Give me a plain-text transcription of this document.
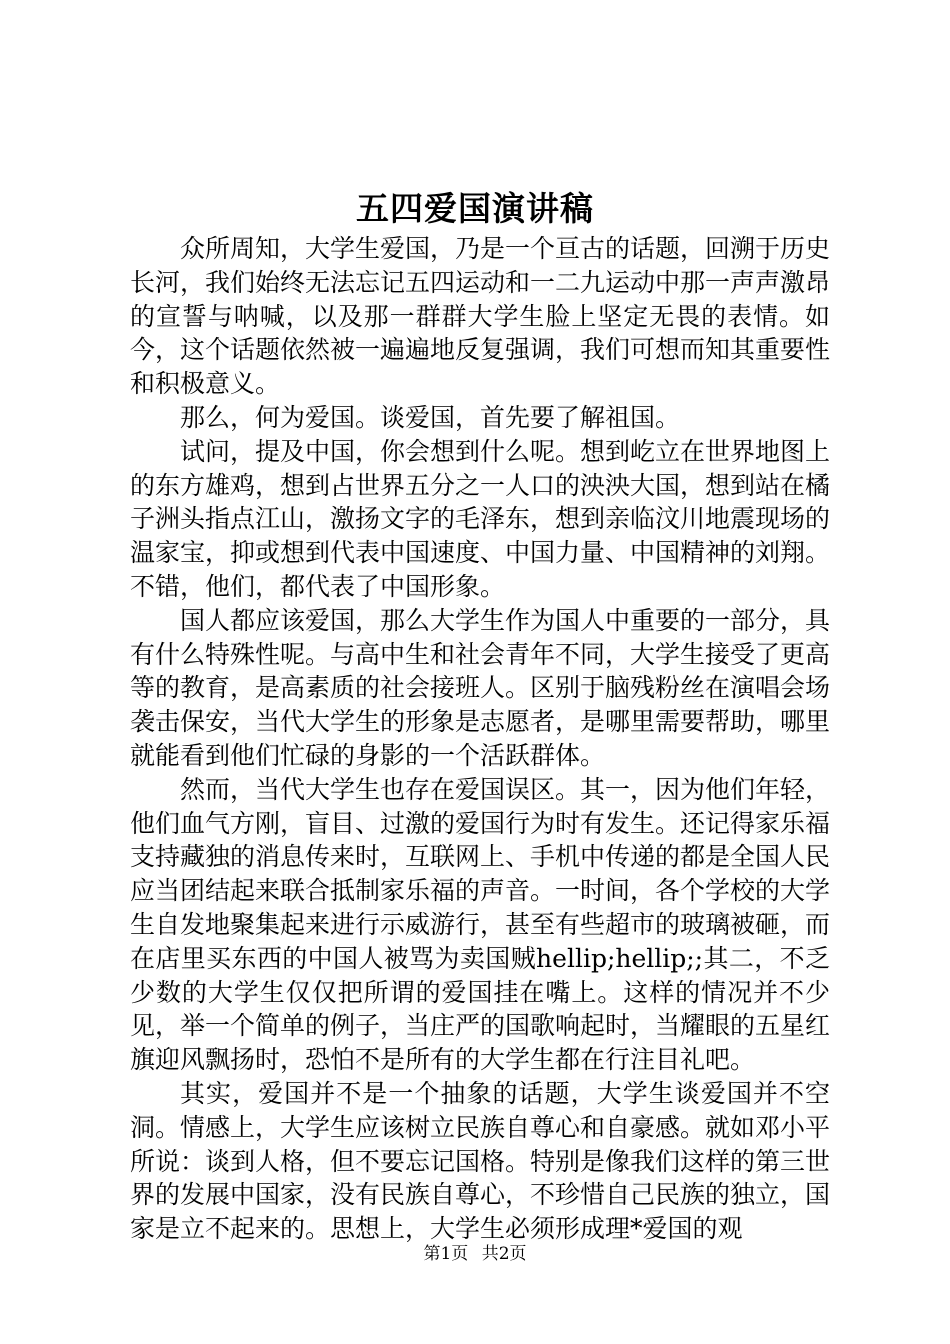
五四爱国演讲稿

众所周知，大学生爱国，乃是一个亘古的话题，回溯于历史长河，我们始终无法忘记五四运动和一二九运动中那一声声激昂的宣誓与呐喊，以及那一群群大学生脸上坚定无畏的表情。如今，这个话题依然被一遍遍地反复强调，我们可想而知其重要性和积极意义。

那么，何为爱国。谈爱国，首先要了解祖国。

试问，提及中国，你会想到什么呢。想到屹立在世界地图上的东方雄鸡，想到占世界五分之一人口的泱泱大国，想到站在橘子洲头指点江山，激扬文字的毛泽东，想到亲临汶川地震现场的温家宝，抑或想到代表中国速度、中国力量、中国精神的刘翔。不错，他们，都代表了中国形象。

国人都应该爱国，那么大学生作为国人中重要的一部分，具有什么特殊性呢。与高中生和社会青年不同，大学生接受了更高等的教育，是高素质的社会接班人。区别于脑残粉丝在演唱会场袭击保安，当代大学生的形象是志愿者，是哪里需要帮助，哪里就能看到他们忙碌的身影的一个活跃群体。

然而，当代大学生也存在爱国误区。其一，因为他们年轻，他们血气方刚，盲目、过激的爱国行为时有发生。还记得家乐福支持藏独的消息传来时，互联网上、手机中传递的都是全国人民应当团结起来联合抵制家乐福的声音。一时间，各个学校的大学生自发地聚集起来进行示威游行，甚至有些超市的玻璃被砸，而在店里买东西的中国人被骂为卖国贼hellip;hellip;;其二，不乏少数的大学生仅仅把所谓的爱国挂在嘴上。这样的情况并不少见，举一个简单的例子，当庄严的国歌响起时，当耀眼的五星红旗迎风飘扬时，恐怕不是所有的大学生都在行注目礼吧。

其实，爱国并不是一个抽象的话题，大学生谈爱国并不空洞。情感上，大学生应该树立民族自尊心和自豪感。就如邓小平所说：谈到人格，但不要忘记国格。特别是像我们这样的第三世界的发展中国家，没有民族自尊心，不珍惜自己民族的独立，国家是立不起来的。思想上，大学生必须形成理*爱国的观

第1页 共2页
